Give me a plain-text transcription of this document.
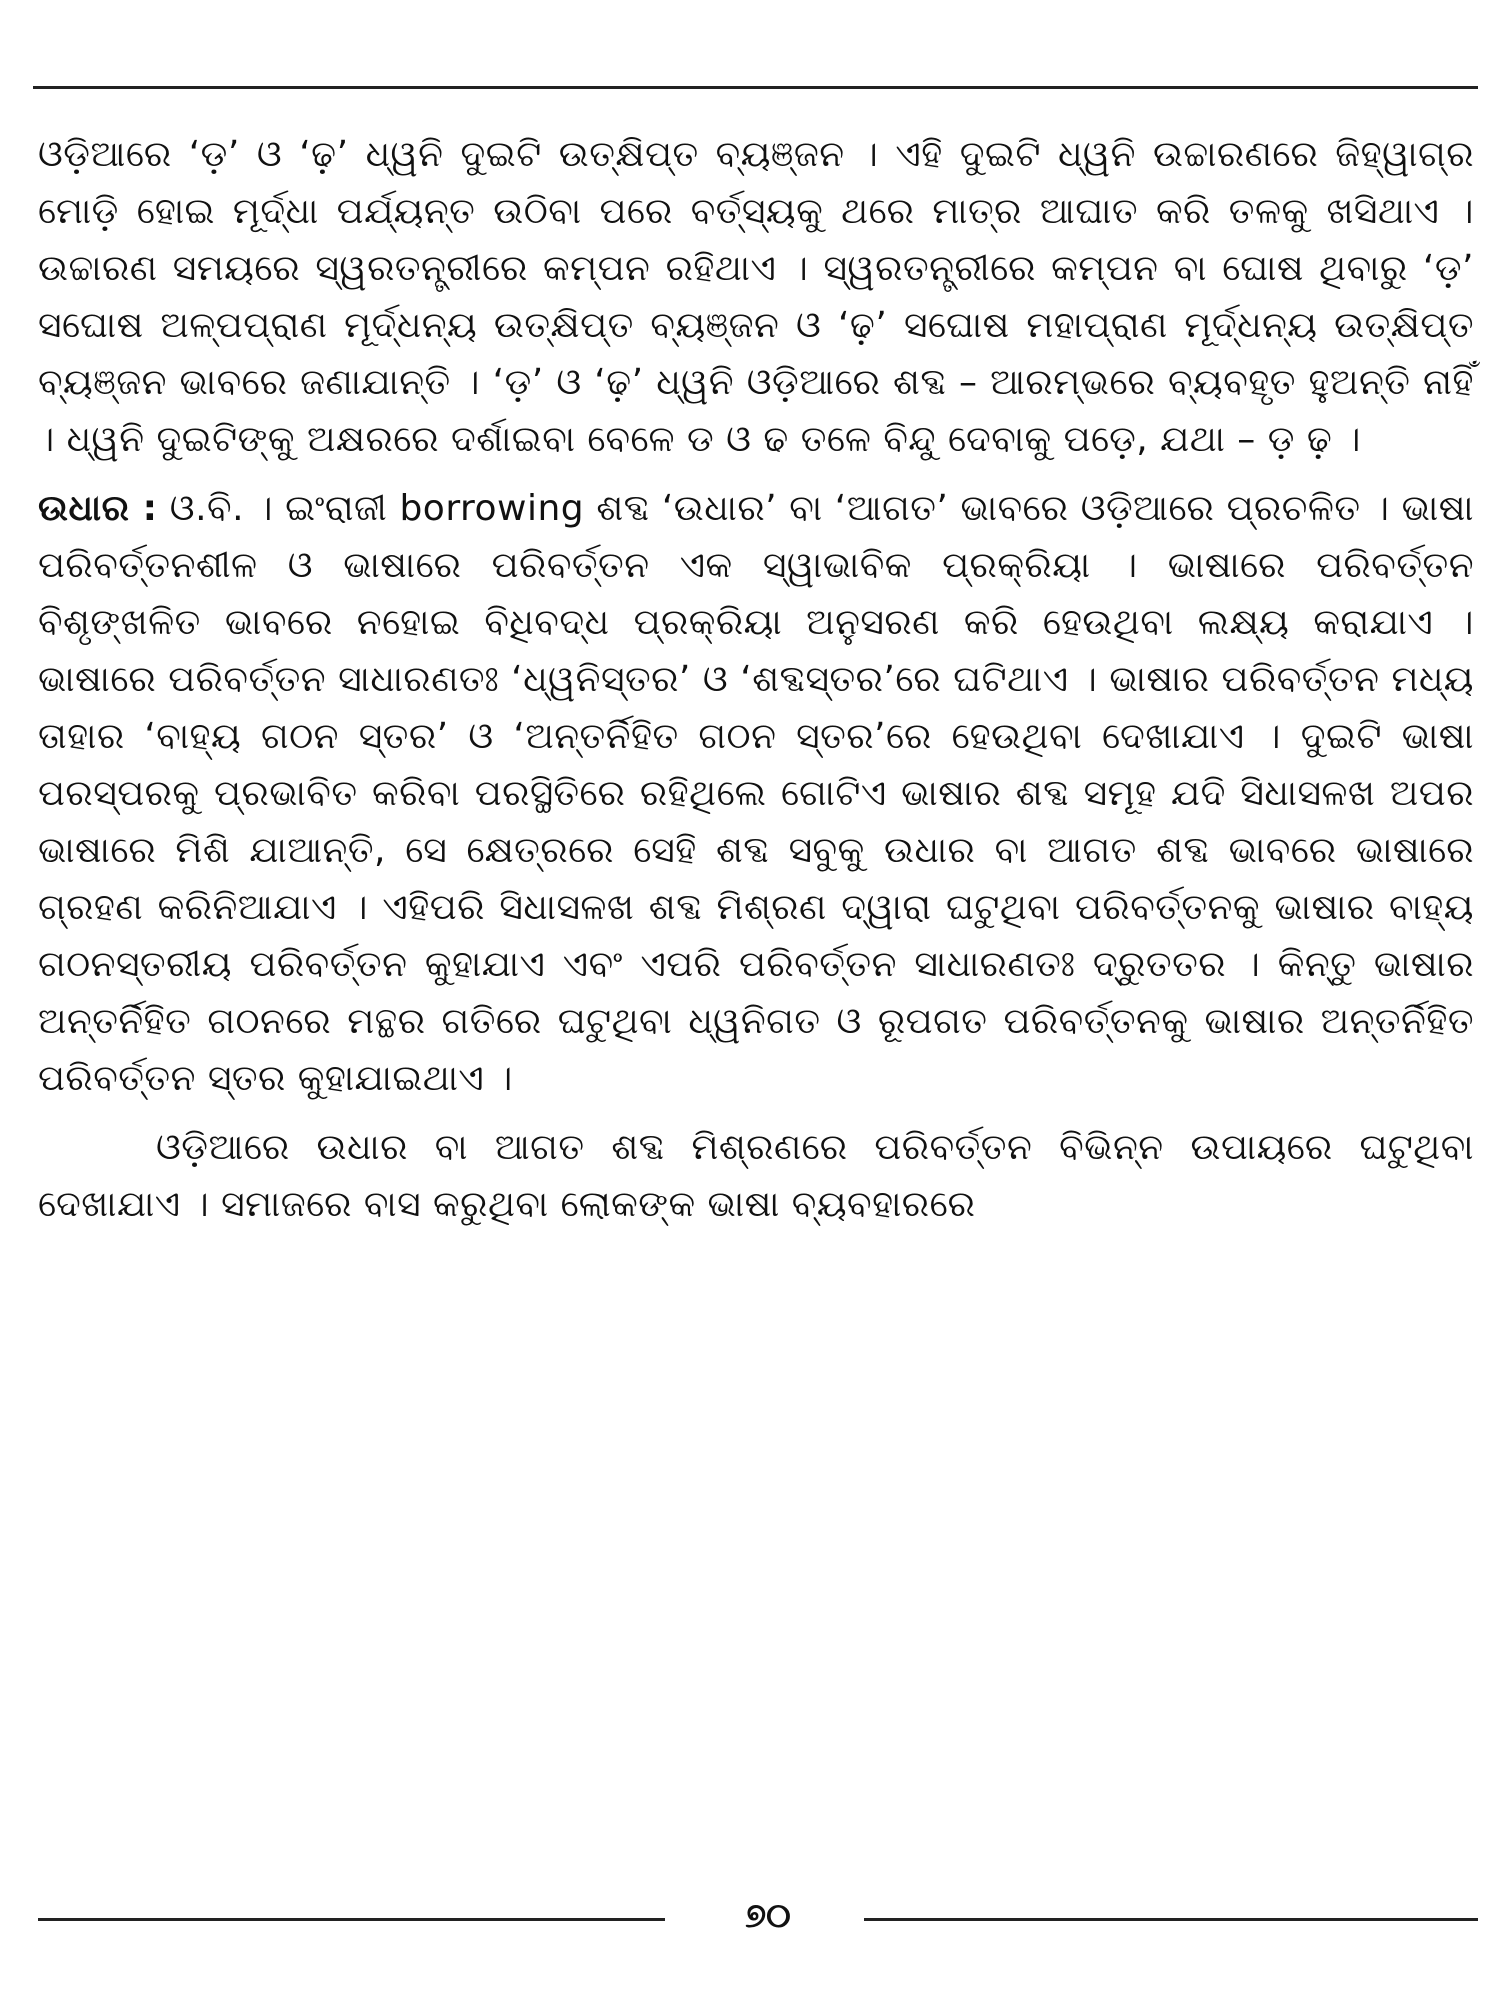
ଓଡ଼ିଆରେ ‘ଡ଼’ ଓ ‘ଢ଼’ ଧ୍ୱନି ଦୁଇଟି ଉତ୍କ୍ଷିପ୍ତ ବ୍ୟଞ୍ଜନ । ଏହି ଦୁଇଟି ଧ୍ୱନି ଉଚ୍ଚାରଣରେ ଜିହ୍ୱାଗ୍ର ମୋଡ଼ି ହୋଇ ମୂର୍ଦ୍ଧା ପର୍ଯ୍ୟନ୍ତ ଉଠିବା ପରେ ବର୍ତ୍ସ୍ୟକୁ ଥରେ ମାତ୍ର ଆଘାତ କରି ତଳକୁ ଖସିଥାଏ । ଉଚ୍ଚାରଣ ସମୟରେ ସ୍ୱରତନ୍ତ୍ରୀରେ କମ୍ପନ ରହିଥାଏ । ସ୍ୱରତନ୍ତ୍ରୀରେ କମ୍ପନ ବା ଘୋଷ ଥିବାରୁ ‘ଡ଼’ ସଘୋଷ ଅଳ୍ପପ୍ରାଣ ମୂର୍ଦ୍ଧନ୍ୟ ଉତ୍କ୍ଷିପ୍ତ ବ୍ୟଞ୍ଜନ ଓ ‘ଢ଼’ ସଘୋଷ ମହାପ୍ରାଣ ମୂର୍ଦ୍ଧନ୍ୟ ଉତ୍କ୍ଷିପ୍ତ ବ୍ୟଞ୍ଜନ ଭାବରେ ଜଣାଯାନ୍ତି । ‘ଡ଼’ ଓ ‘ଢ଼’ ଧ୍ୱନି ଓଡ଼ିଆରେ ଶବ୍ଦ – ଆରମ୍ଭରେ ବ୍ୟବହୃତ ହୁଅନ୍ତି ନାହିଁ । ଧ୍ୱନି ଦୁଇଟିଙ୍କୁ ଅକ୍ଷରରେ ଦର୍ଶାଇବା ବେଳେ ଡ ଓ ଢ ତଳେ ବିନ୍ଦୁ ଦେବାକୁ ପଡ଼େ, ଯଥା – ଡ଼ ଢ଼ ।

ଉଧାର : ଓ.ବି. । ଇଂରାଜୀ borrowing ଶବ୍ଦ ‘ଉଧାର’ ବା ‘ଆଗତ’ ଭାବରେ ଓଡ଼ିଆରେ ପ୍ରଚଳିତ । ଭାଷା ପରିବର୍ତ୍ତନଶୀଳ ଓ ଭାଷାରେ ପରିବର୍ତ୍ତନ ଏକ ସ୍ୱାଭାବିକ ପ୍ରକ୍ରିୟା । ଭାଷାରେ ପରିବର୍ତ୍ତନ ବିଶୃଙ୍ଖଳିତ ଭାବରେ ନହୋଇ ବିଧିବଦ୍ଧ ପ୍ରକ୍ରିୟା ଅନୁସରଣ କରି ହେଉଥିବା ଲକ୍ଷ୍ୟ କରାଯାଏ । ଭାଷାରେ ପରିବର୍ତ୍ତନ ସାଧାରଣତଃ ‘ଧ୍ୱନିସ୍ତର’ ଓ ‘ଶବ୍ଦସ୍ତର’ରେ ଘଟିଥାଏ । ଭାଷାର ପରିବର୍ତ୍ତନ ମଧ୍ୟ ତାହାର ‘ବାହ୍ୟ ଗଠନ ସ୍ତର’ ଓ ‘ଅନ୍ତର୍ନିହିତ ଗଠନ ସ୍ତର’ରେ ହେଉଥିବା ଦେଖାଯାଏ । ଦୁଇଟି ଭାଷା ପରସ୍ପରକୁ ପ୍ରଭାବିତ କରିବା ପରସ୍ଥିତିରେ ରହିଥିଲେ ଗୋଟିଏ ଭାଷାର ଶବ୍ଦ ସମୂହ ଯଦି ସିଧାସଳଖ ଅପର ଭାଷାରେ ମିଶି ଯାଆନ୍ତି, ସେ କ୍ଷେତ୍ରରେ ସେହି ଶବ୍ଦ ସବୁକୁ ଉଧାର ବା ଆଗତ ଶବ୍ଦ ଭାବରେ ଭାଷାରେ ଗ୍ରହଣ କରିନିଆଯାଏ । ଏହିପରି ସିଧାସଳଖ ଶବ୍ଦ ମିଶ୍ରଣ ଦ୍ୱାରା ଘଟୁଥିବା ପରିବର୍ତ୍ତନକୁ ଭାଷାର ବାହ୍ୟ ଗଠନସ୍ତରୀୟ ପରିବର୍ତ୍ତନ କୁହାଯାଏ ଏବଂ ଏପରି ପରିବର୍ତ୍ତନ ସାଧାରଣତଃ ଦ୍ରୁତତର । କିନ୍ତୁ ଭାଷାର ଅନ୍ତର୍ନିହିତ ଗଠନରେ ମନ୍ଥର ଗତିରେ ଘଟୁଥିବା ଧ୍ୱନିଗତ ଓ ରୂପଗତ ପରିବର୍ତ୍ତନକୁ ଭାଷାର ଅନ୍ତର୍ନିହିତ ପରିବର୍ତ୍ତନ ସ୍ତର କୁହାଯାଇଥାଏ ।

ଓଡ଼ିଆରେ ଉଧାର ବା ଆଗତ ଶବ୍ଦ ମିଶ୍ରଣରେ ପରିବର୍ତ୍ତନ ବିଭିନ୍ନ ଉପାୟରେ ଘଟୁଥିବା ଦେଖାଯାଏ । ସମାଜରେ ବାସ କରୁଥିବା ଲୋକଙ୍କ ଭାଷା ବ୍ୟବହାରରେ

୭୦
